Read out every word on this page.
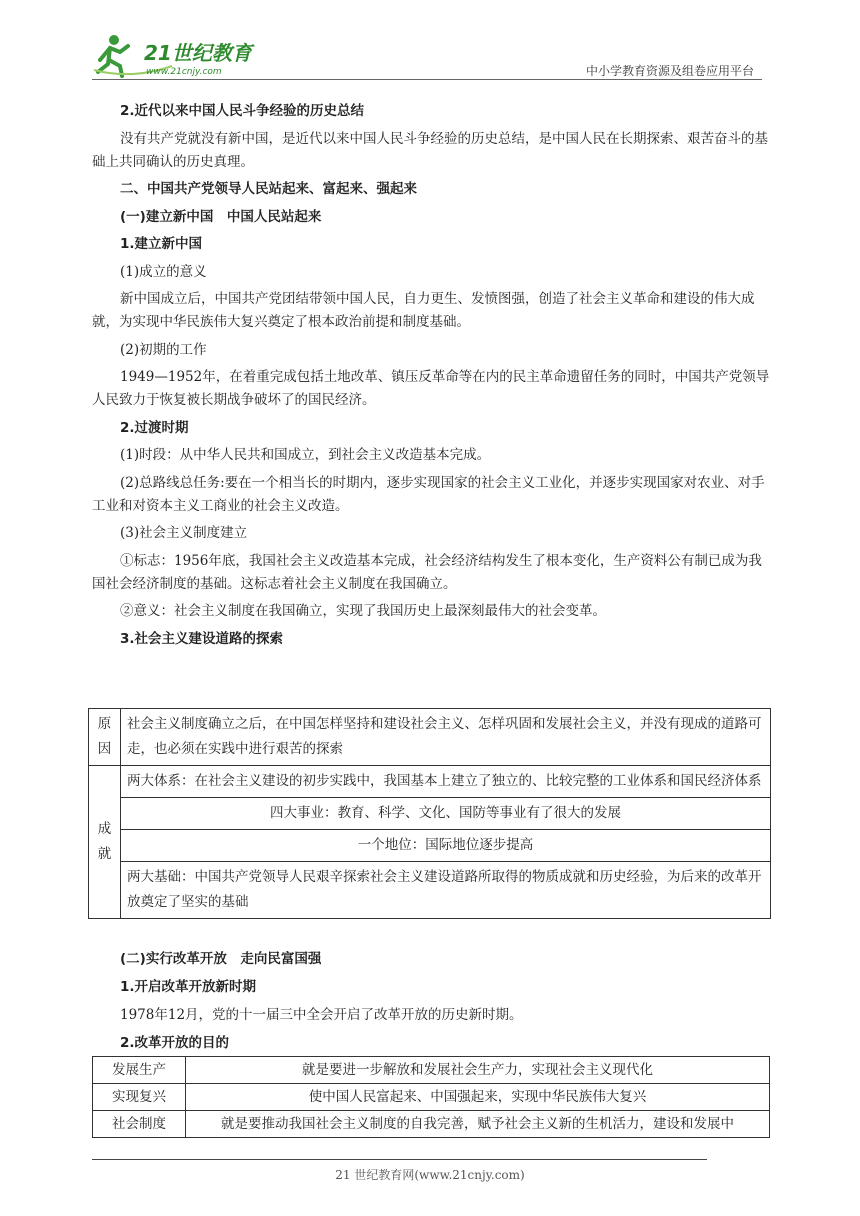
21世纪教育
www.21cnjy.com	中小学教育资源及组卷应用平台

2.近代以来中国人民斗争经验的历史总结

没有共产党就没有新中国，是近代以来中国人民斗争经验的历史总结，是中国人民在长期探索、艰苦奋斗的基础上共同确认的历史真理。

二、中国共产党领导人民站起来、富起来、强起来

(一)建立新中国　中国人民站起来

1.建立新中国

(1)成立的意义

新中国成立后，中国共产党团结带领中国人民，自力更生、发愤图强，创造了社会主义革命和建设的伟大成就，为实现中华民族伟大复兴奠定了根本政治前提和制度基础。

(2)初期的工作

1949—1952年，在着重完成包括土地改革、镇压反革命等在内的民主革命遗留任务的同时，中国共产党领导人民致力于恢复被长期战争破坏了的国民经济。

2.过渡时期

(1)时段：从中华人民共和国成立，到社会主义改造基本完成。

(2)总路线总任务:要在一个相当长的时期内，逐步实现国家的社会主义工业化，并逐步实现国家对农业、对手工业和对资本主义工商业的社会主义改造。

(3)社会主义制度建立

①标志：1956年底，我国社会主义改造基本完成，社会经济结构发生了根本变化，生产资料公有制已成为我国社会经济制度的基础。这标志着社会主义制度在我国确立。

②意义：社会主义制度在我国确立，实现了我国历史上最深刻最伟大的社会变革。

3.社会主义建设道路的探索

原因	社会主义制度确立之后，在中国怎样坚持和建设社会主义、怎样巩固和发展社会主义，并没有现成的道路可走，也必须在实践中进行艰苦的探索
成就	两大体系：在社会主义建设的初步实践中，我国基本上建立了独立的、比较完整的工业体系和国民经济体系
	四大事业：教育、科学、文化、国防等事业有了很大的发展
	一个地位：国际地位逐步提高
	两大基础：中国共产党领导人民艰辛探索社会主义建设道路所取得的物质成就和历史经验，为后来的改革开放奠定了坚实的基础

(二)实行改革开放　走向民富国强

1.开启改革开放新时期

1978年12月，党的十一届三中全会开启了改革开放的历史新时期。

2.改革开放的目的

发展生产	就是要进一步解放和发展社会生产力，实现社会主义现代化
实现复兴	使中国人民富起来、中国强起来，实现中华民族伟大复兴
社会制度	就是要推动我国社会主义制度的自我完善，赋予社会主义新的生机活力，建设和发展中
21 世纪教育网(www.21cnjy.com)
